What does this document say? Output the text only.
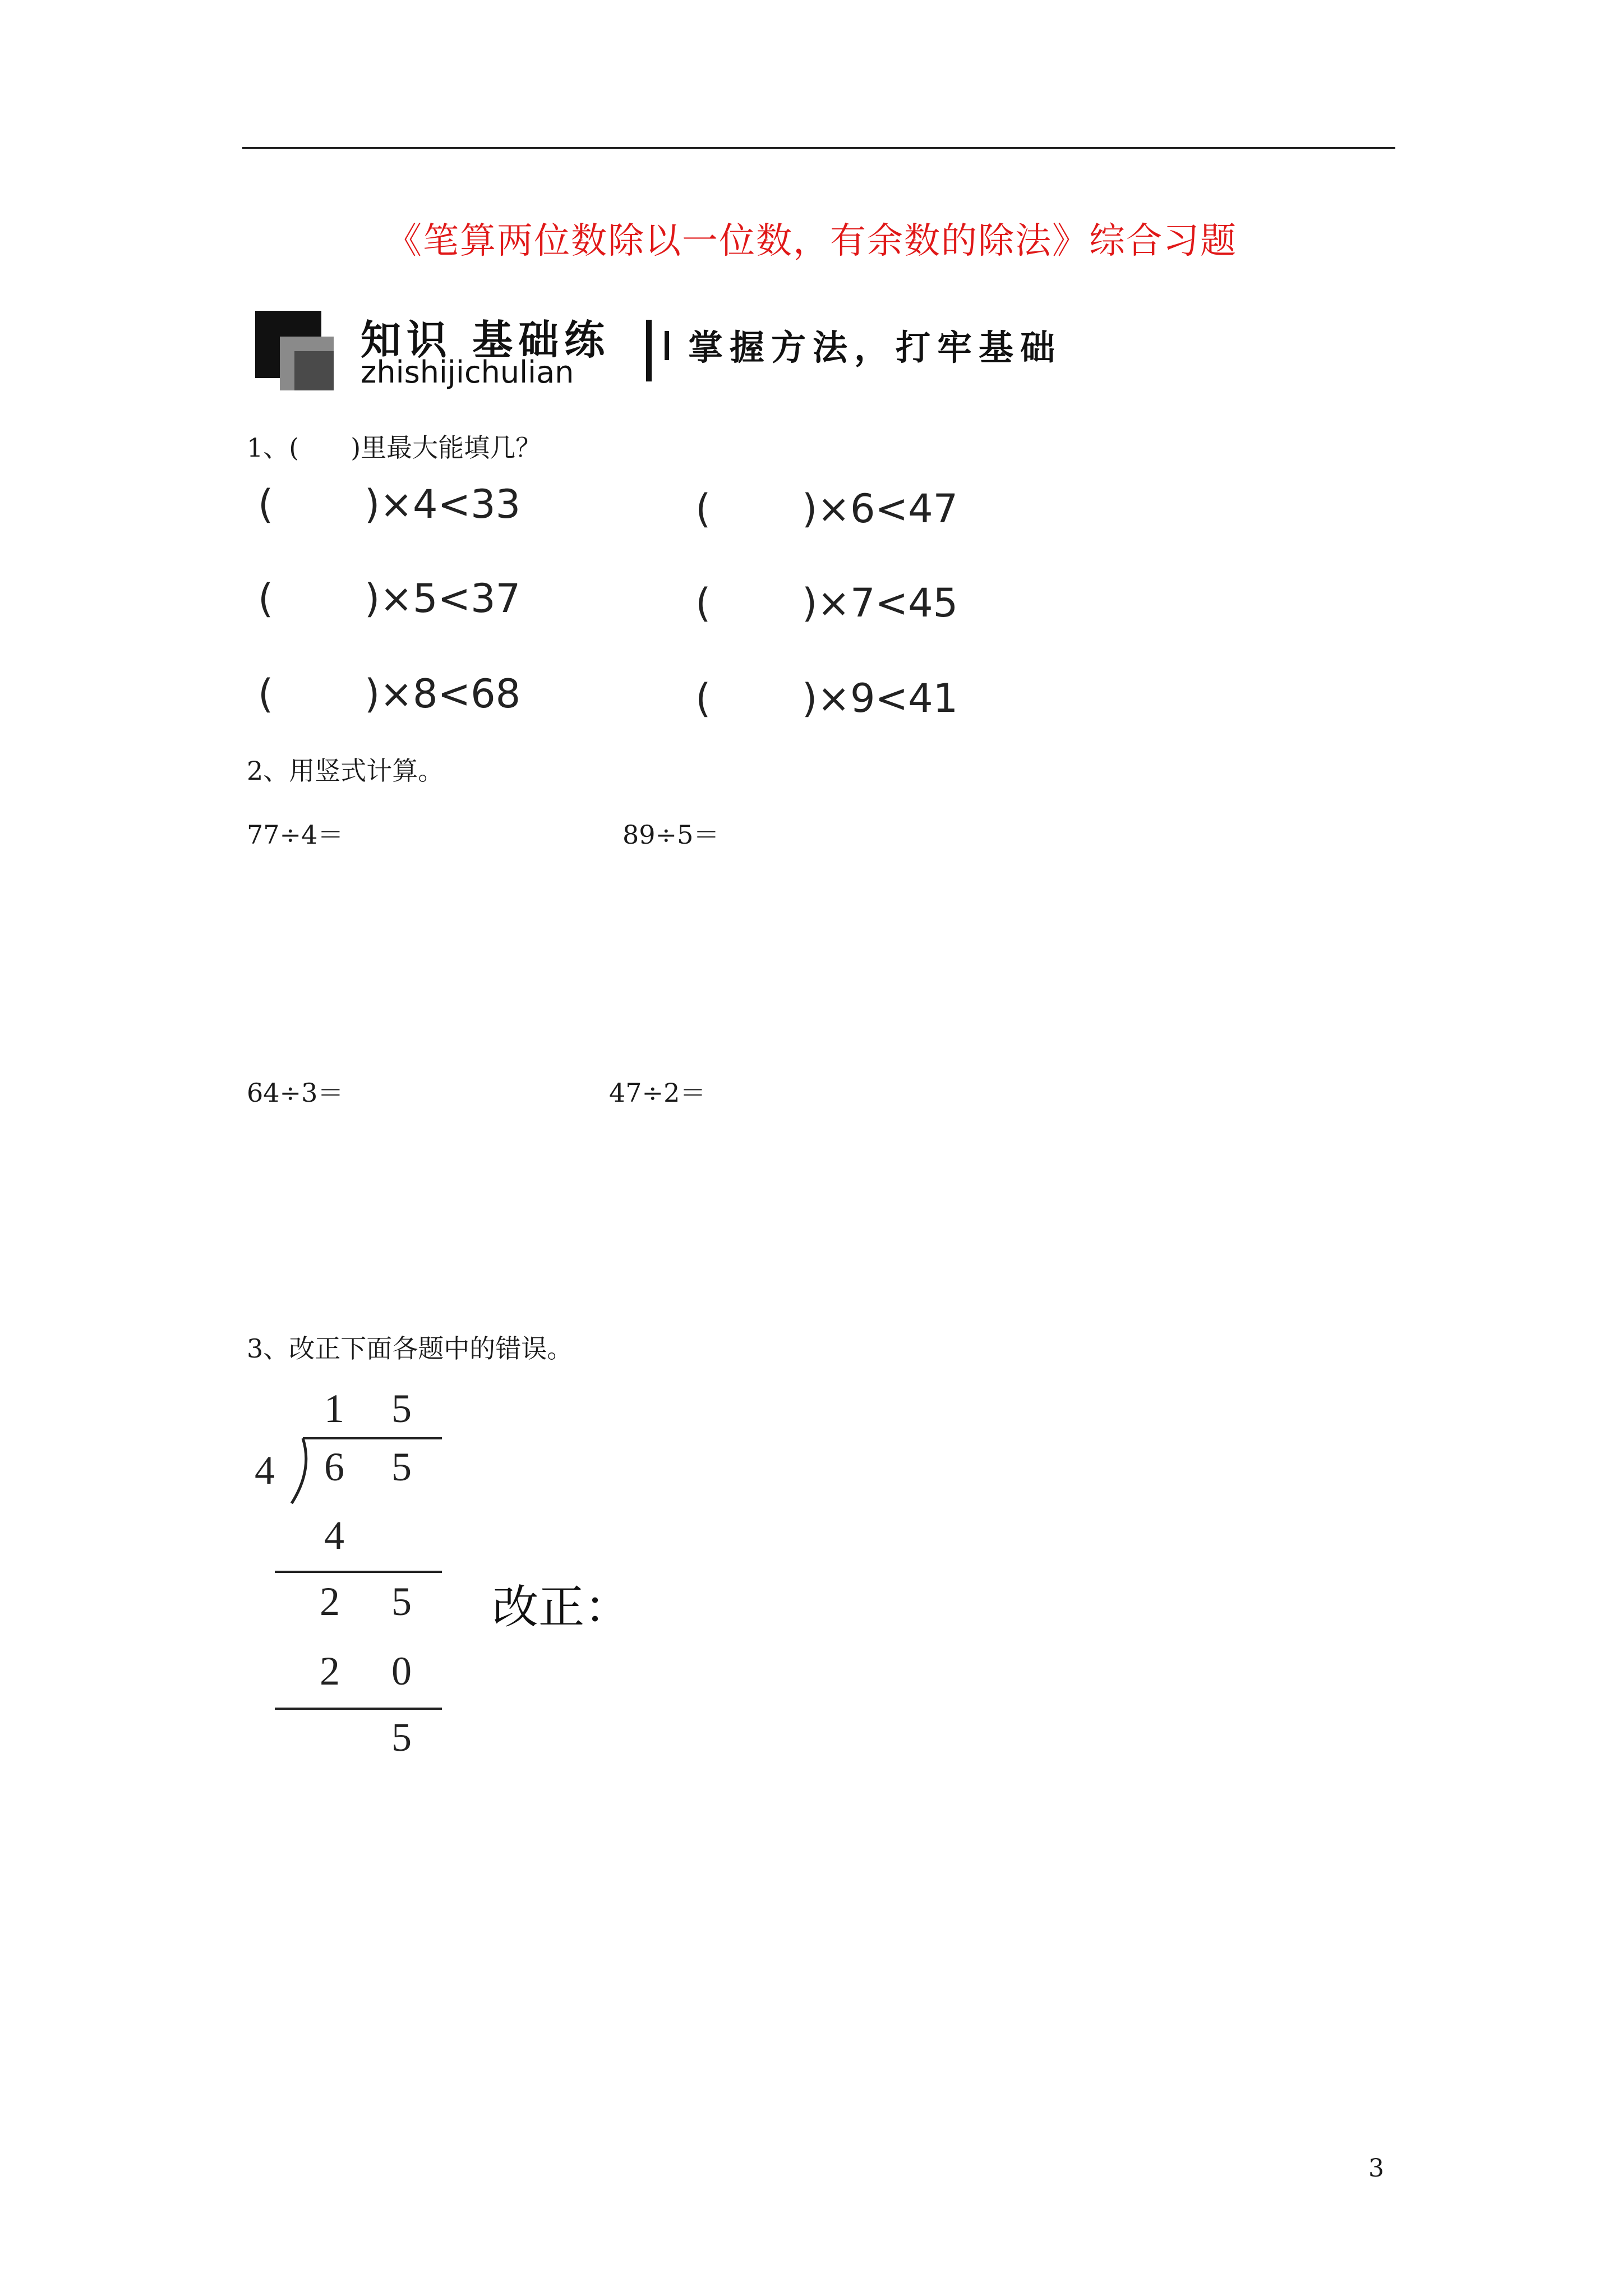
《笔算两位数除以一位数，有余数的除法》综合习题
知识 基础练
zhishijichulian
掌握方法，打牢基础
1、(　　)里最大能填几？
( )×4<33	( )×6<47
( )×5<37	( )×7<45
( )×8<68	( )×9<41
2、用竖式计算。
77÷4＝	89÷5＝
64÷3＝	47÷2＝
3、改正下面各题中的错误。
1 5
4 6 5
4
2 5
2 0
5
改正：
3
